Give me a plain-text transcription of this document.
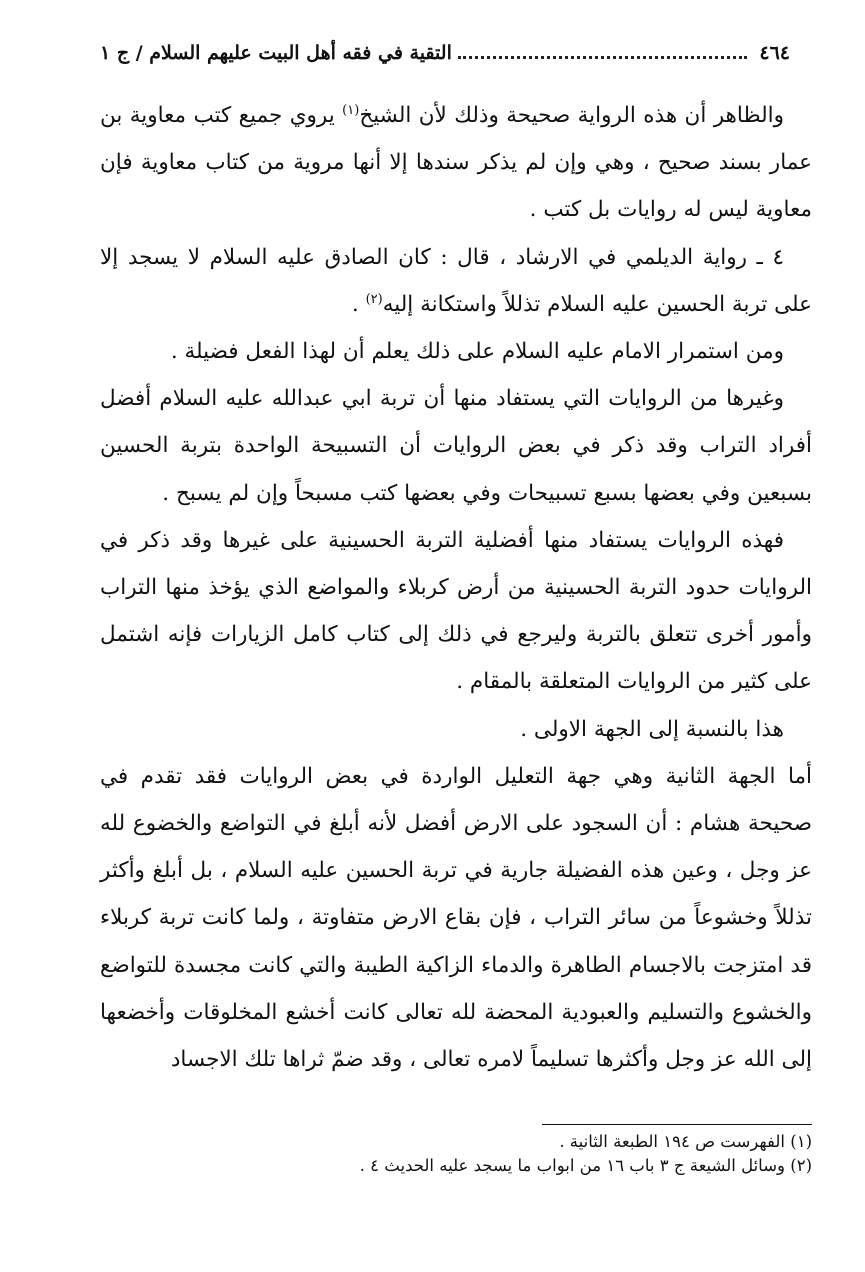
٤٦٤
التقية في فقه أهل البيت عليهم السلام / ج ١

والظاهر أن هذه الرواية صحيحة وذلك لأن الشيخ$^{(١)}$ يروي جميع كتب معاوية بن عمار بسند صحيح ، وهي وإن لم يذكر سندها إلا أنها مروية من كتاب معاوية فإن معاوية ليس له روايات بل كتب .

٤ ـ رواية الديلمي في الارشاد ، قال : كان الصادق عليه السلام لا يسجد إلا على تربة الحسين عليه السلام تذللاً واستكانة إليه$^{(٢)}$ .

ومن استمرار الامام عليه السلام على ذلك يعلم أن لهذا الفعل فضيلة .

وغيرها من الروايات التي يستفاد منها أن تربة ابي عبدالله عليه السلام أفضل أفراد التراب وقد ذكر في بعض الروايات أن التسبيحة الواحدة بتربة الحسين بسبعين وفي بعضها بسبع تسبيحات وفي بعضها كتب مسبحاً وإن لم يسبح .

فهذه الروايات يستفاد منها أفضلية التربة الحسينية على غيرها وقد ذكر في الروايات حدود التربة الحسينية من أرض كربلاء والمواضع الذي يؤخذ منها التراب وأمور أخرى تتعلق بالتربة وليرجع في ذلك إلى كتاب كامل الزيارات فإنه اشتمل على كثير من الروايات المتعلقة بالمقام .

هذا بالنسبة إلى الجهة الاولى .

أما الجهة الثانية وهي جهة التعليل الواردة في بعض الروايات فقد تقدم في صحيحة هشام : أن السجود على الارض أفضل لأنه أبلغ في التواضع والخضوع لله عز وجل ، وعين هذه الفضيلة جارية في تربة الحسين عليه السلام ، بل أبلغ وأكثر تذللاً وخشوعاً من سائر التراب ، فإن بقاع الارض متفاوتة ، ولما كانت تربة كربلاء قد امتزجت بالاجسام الطاهرة والدماء الزاكية الطيبة والتي كانت مجسدة للتواضع والخشوع والتسليم والعبودية المحضة لله تعالى كانت أخشع المخلوقات وأخضعها إلى الله عز وجل وأكثرها تسليماً لامره تعالى ، وقد ضمّ ثراها تلك الاجساد

(١) الفهرست ص ١٩٤ الطبعة الثانية .
(٢) وسائل الشيعة ج ٣ باب ١٦ من ابواب ما يسجد عليه الحديث ٤ .
